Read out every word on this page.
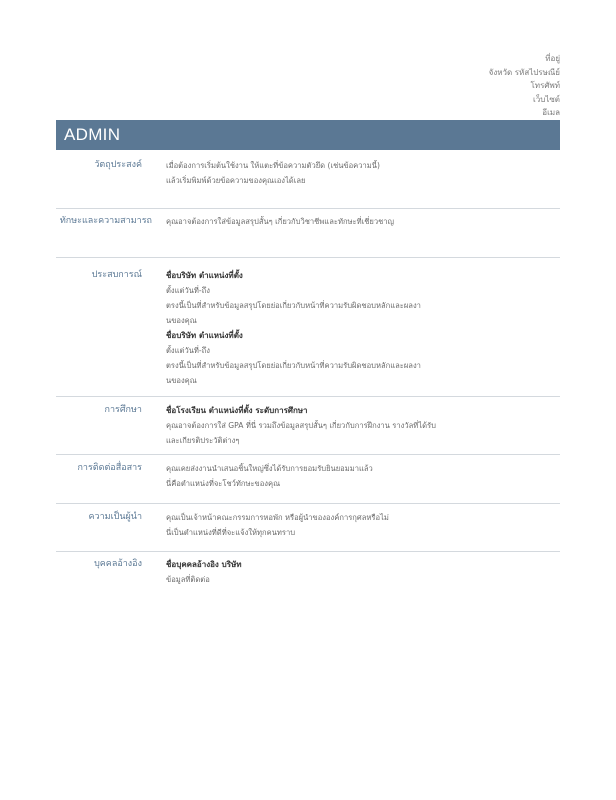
ที่อยู่
จังหวัด รหัสไปรษณีย์
โทรศัพท์
เว็บไซต์
อีเมล
ADMIN
วัตถุประสงค์	เมื่อต้องการเริ่มต้นใช้งาน ให้แตะที่ข้อความตัวยึด (เช่นข้อความนี้)
แล้วเริ่มพิมพ์ด้วยข้อความของคุณเองได้เลย
ทักษะและความสามารถ	คุณอาจต้องการใส่ข้อมูลสรุปสั้นๆ เกี่ยวกับวิชาชีพและทักษะที่เชี่ยวชาญ
ประสบการณ์	ชื่อบริษัท ตำแหน่งที่ตั้ง
ตั้งแต่วันที่-ถึง
ตรงนี้เป็นที่สำหรับข้อมูลสรุปโดยย่อเกี่ยวกับหน้าที่ความรับผิดชอบหลักและผลงา
นของคุณ
ชื่อบริษัท ตำแหน่งที่ตั้ง
ตั้งแต่วันที่-ถึง
ตรงนี้เป็นที่สำหรับข้อมูลสรุปโดยย่อเกี่ยวกับหน้าที่ความรับผิดชอบหลักและผลงา
นของคุณ
การศึกษา	ชื่อโรงเรียน ตำแหน่งที่ตั้ง ระดับการศึกษา
คุณอาจต้องการใส่ GPA ที่นี่ รวมถึงข้อมูลสรุปสั้นๆ เกี่ยวกับการฝึกงาน รางวัลที่ได้รับ
และเกียรติประวัติต่างๆ
การติดต่อสื่อสาร	คุณเคยส่งงานนำเสนอชิ้นใหญ่ซึ่งได้รับการยอมรับยินยอมมาแล้ว
นี่คือตำแหน่งที่จะโชว์ทักษะของคุณ
ความเป็นผู้นำ	คุณเป็นเจ้าหน้าคณะกรรมการหอพัก หรือผู้นำขององค์การกุศลหรือไม่
นี่เป็นตำแหน่งที่ดีที่จะแจ้งให้ทุกคนทราบ
บุคคลอ้างอิง	ชื่อบุคคลอ้างอิง บริษัท
ข้อมูลที่ติดต่อ
